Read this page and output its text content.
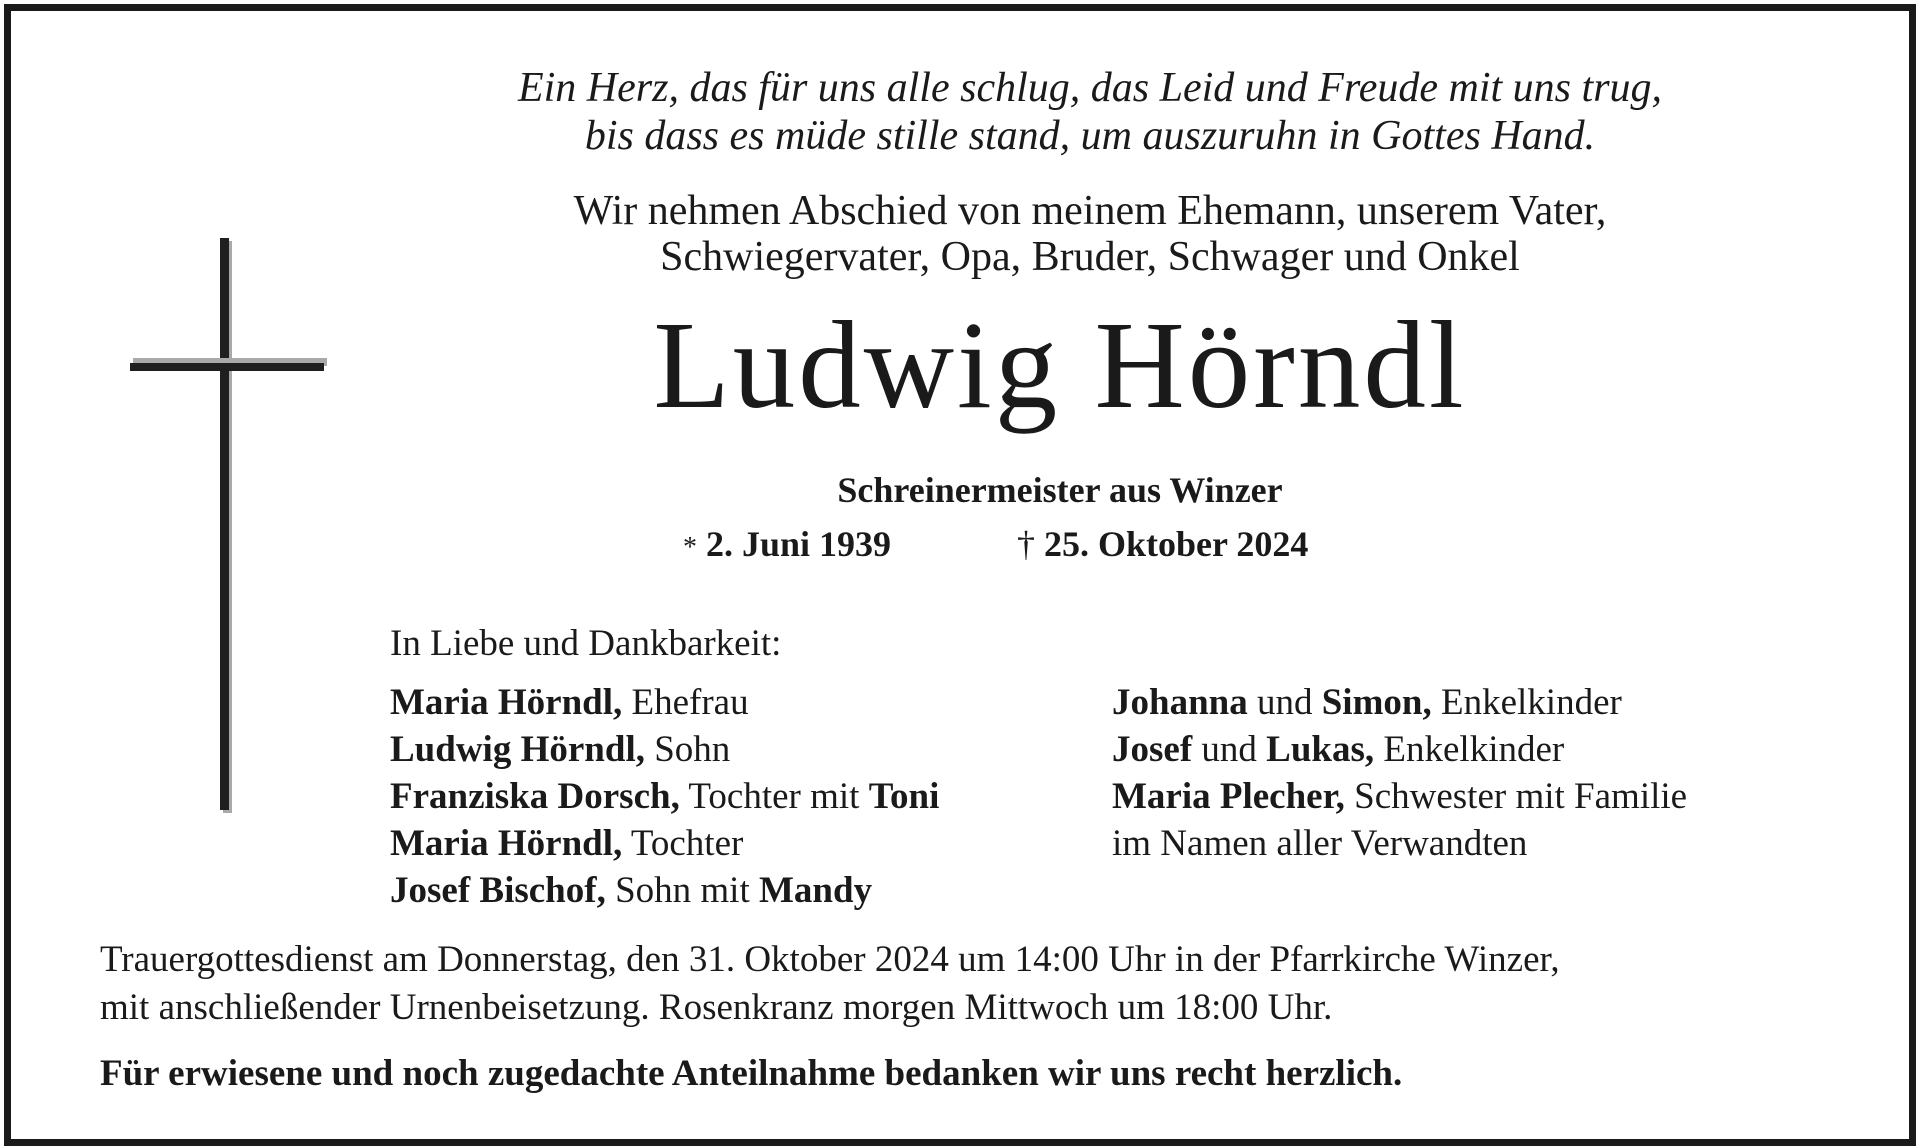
Ein Herz, das für uns alle schlug, das Leid und Freude mit uns trug,
bis dass es müde stille stand, um auszuruhn in Gottes Hand.
Wir nehmen Abschied von meinem Ehemann, unserem Vater,
Schwiegervater, Opa, Bruder, Schwager und Onkel
Ludwig Hörndl
Schreinermeister aus Winzer
* 2. Juni 1939	† 25. Oktober 2024
In Liebe und Dankbarkeit:
Maria Hörndl, Ehefrau
Ludwig Hörndl, Sohn
Franziska Dorsch, Tochter mit Toni
Maria Hörndl, Tochter
Josef Bischof, Sohn mit Mandy
Johanna und Simon, Enkelkinder
Josef und Lukas, Enkelkinder
Maria Plecher, Schwester mit Familie
im Namen aller Verwandten
Trauergottesdienst am Donnerstag, den 31. Oktober 2024 um 14:00 Uhr in der Pfarrkirche Winzer,
mit anschließender Urnenbeisetzung. Rosenkranz morgen Mittwoch um 18:00 Uhr.
Für erwiesene und noch zugedachte Anteilnahme bedanken wir uns recht herzlich.
